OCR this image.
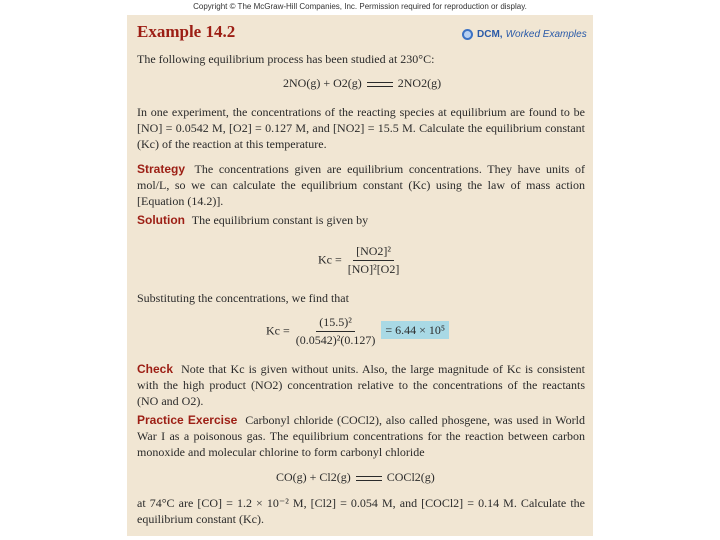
Copyright © The McGraw-Hill Companies, Inc. Permission required for reproduction or display.
Example 14.2	DCM, Worked Examples
The following equilibrium process has been studied at 230°C:
2NO(g) + O2(g)	2NO2(g)
In one experiment, the concentrations of the reacting species at equilibrium are found to be [NO] = 0.0542 M, [O2] = 0.127 M, and [NO2] = 15.5 M. Calculate the equilibrium constant (Kc) of the reaction at this temperature.
Strategy The concentrations given are equilibrium concentrations. They have units of mol/L, so we can calculate the equilibrium constant (Kc) using the law of mass action [Equation (14.2)].
Solution The equilibrium constant is given by
$Kc = \frac{\text{[NO2]²}}{\text{[NO]²[O2]}}$
Substituting the concentrations, we find that
$Kc = \frac{\text{(15.5)²}}{\text{(0.0542)²(0.127)}} = 6.44 \times 10^5$
Check Note that Kc is given without units. Also, the large magnitude of Kc is consistent with the high product (NO2) concentration relative to the concentrations of the reactants (NO and O2).
Practice Exercise Carbonyl chloride (COCl2), also called phosgene, was used in World War I as a poisonous gas. The equilibrium concentrations for the reaction between carbon monoxide and molecular chlorine to form carbonyl chloride
CO(g) + Cl2(g)	COCl2(g)
at 74°C are [CO] = 1.2 × 10⁻² M, [Cl2] = 0.054 M, and [COCl2] = 0.14 M. Calculate the equilibrium constant (Kc).
